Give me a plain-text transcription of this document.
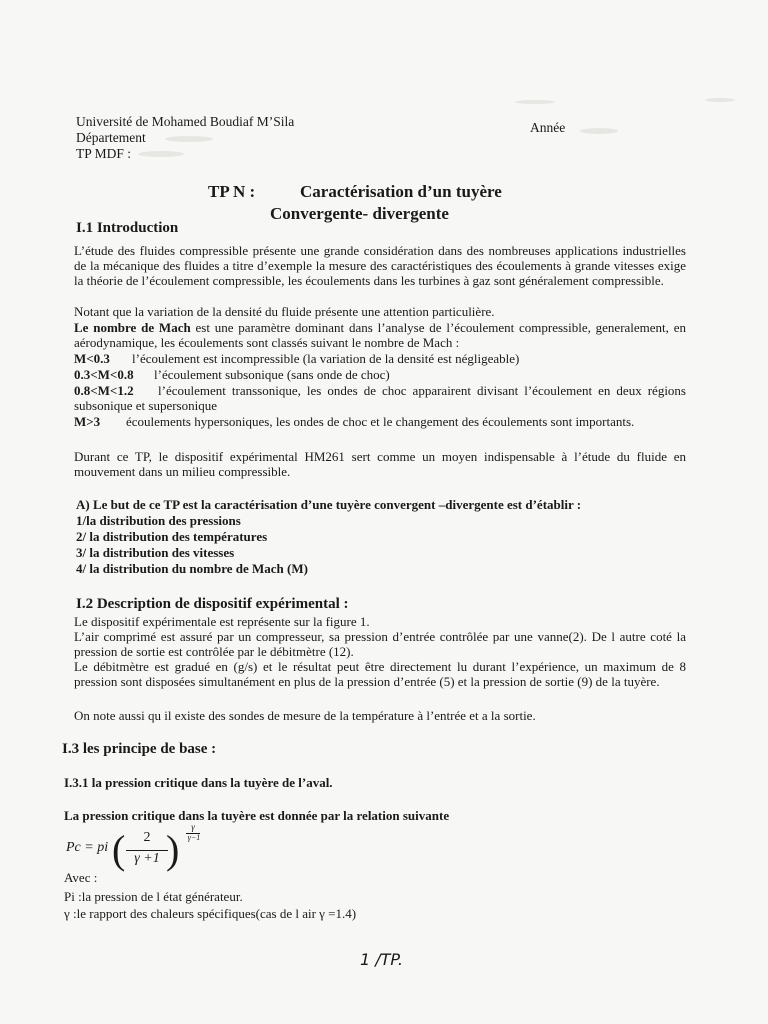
Université de Mohamed Boudiaf M’Sila
Département
TP MDF :
Année
TP N :	Caractérisation d’un tuyère
Convergente- divergente
I.1 Introduction
L’étude des fluides compressible présente une grande considération dans des nombreuses applications industrielles de la mécanique des fluides a titre d’exemple la mesure des caractéristiques des écoulements à grande vitesses exige la théorie de l’écoulement compressible, les écoulements dans les turbines à gaz sont généralement compressible.
Notant que la variation de la densité du fluide présente une attention particulière.
Le nombre de Mach est une paramètre dominant dans l’analyse de l’écoulement compressible, generalement, en aérodynamique, les écoulements sont classés suivant le nombre de Mach :
M<0.3 l’écoulement est incompressible (la variation de la densité est négligeable)
0.3<M<0.8 l’écoulement subsonique (sans onde de choc)
0.8<M<1.2 l’écoulement transsonique, les ondes de choc apparairent divisant l’écoulement en deux régions subsonique et supersonique
M>3 écoulements hypersoniques, les ondes de choc et le changement des écoulements sont importants.
Durant ce TP, le dispositif expérimental HM261 sert comme un moyen indispensable à l’étude du fluide en mouvement dans un milieu compressible.
A) Le but de ce TP est la caractérisation d’une tuyère convergent –divergente est d’établir :
1/la distribution des pressions
2/ la distribution des températures
3/ la distribution des vitesses
4/ la distribution du nombre de Mach (M)
I.2 Description de dispositif expérimental :
Le dispositif expérimentale est représente sur la figure 1.
L’air comprimé est assuré par un compresseur, sa pression d’entrée contrôlée par une vanne(2). De l autre coté la pression de sortie est contrôlée par le débitmètre (12).
Le débitmètre est gradué en (g/s) et le résultat peut être directement lu durant l’expérience, un maximum de 8 pression sont disposées simultanément en plus de la pression d’entrée (5) et la pression de sortie (9) de la tuyère.
On note aussi qu il existe des sondes de mesure de la température à l’entrée et a la sortie.
I.3 les principe de base :
I.3.1 la pression critique dans la tuyère de l’aval.
La pression critique dans la tuyère est donnée par la relation suivante
Pc = pi (	2
γ +1 )	γ
γ−1
Avec :
Pi :la pression de l état générateur.
γ :le rapport des chaleurs spécifiques(cas de l air γ =1.4)
1 /TP.
